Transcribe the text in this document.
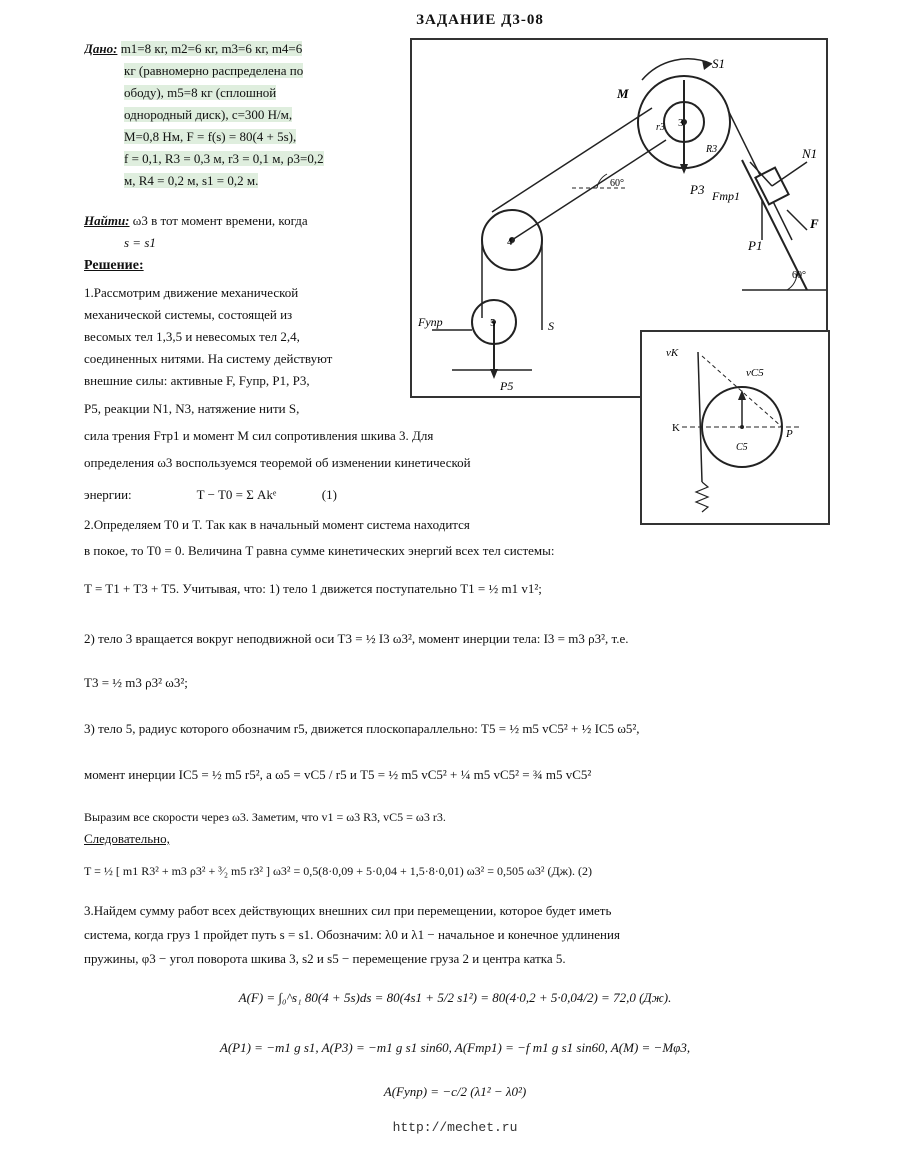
ЗАДАНИЕ Д3-08
Дано: m1=8 кг, m2=6 кг, m3=6 кг, m4=6
кг (равномерно распределена по
ободу), m5=8 кг (сплошной
однородный диск), c=300 Н/м,
M=0,8 Нм, F = f(s) = 80(4 + 5s),
f = 0,1, R3 = 0,3 м, r3 = 0,1 м, ρ3=0,2
м, R4 = 0,2 м, s1 = 0,2 м.
Найти: ω3 в тот момент времени, когда
s = s1
Решение:
1.Рассмотрим движение механической
механической системы, состоящей из
весомых тел 1,3,5 и невесомых тел 2,4,
соединенных нитями. На систему действуют
внешние силы: активные F, Fупр, P1, P3,
P5, реакции N1, N3, натяжение нити S,
сила трения Fтр1 и момент M сил сопротивления шкива 3. Для
определения ω3 воспользуемся теоремой об изменении кинетической
энергии:                    T − T0 = Σ Akᵉ              (1)
2.Определяем T0 и T. Так как в начальный момент система находится
в покое, то T0 = 0. Величина T равна сумме кинетических энергий всех тел системы:
T = T1 + T3 + T5. Учитывая, что: 1) тело 1 движется поступательно T1 = ½ m1 v1²;
2) тело 3 вращается вокруг неподвижной оси T3 = ½ I3 ω3², момент инерции тела: I3 = m3 ρ3², т.е.
T3 = ½ m3 ρ3² ω3²;
3) тело 5, радиус которого обозначим r5, движется плоскопараллельно: T5 = ½ m5 vC5² + ½ IC5 ω5²,
момент инерции IC5 = ½ m5 r5², а ω5 = vC5 / r5 и T5 = ½ m5 vC5² + ¼ m5 vC5² = ¾ m5 vC5²
Выразим все скорости через ω3. Заметим, что v1 = ω3 R3, vC5 = ω3 r3.
Следовательно,
T = ½ [ m1 R3² + m3 ρ3² + ³⁄₂ m5 r3² ] ω3² = 0,5(8·0,09 + 5·0,04 + 1,5·8·0,01) ω3² = 0,505 ω3² (Дж). (2)
3.Найдем сумму работ всех действующих внешних сил при перемещении, которое будет иметь
система, когда груз 1 пройдет путь s = s1. Обозначим: λ0 и λ1 − начальное и конечное удлинения
пружины, φ3 − угол поворота шкива 3, s2 и s5 − перемещение груза 2 и центра катка 5.
A(F) = ∫₀^s₁ 80(4 + 5s)ds = 80(4s1 + 5/2 s1²) = 80(4·0,2 + 5·0,04/2) = 72,0 (Дж).
A(P1) = −m1 g s1, A(P3) = −m1 g s1 sin60, A(Fтр1) = −f m1 g s1 sin60, A(M) = −Mφ3,
A(Fупр) = −c/2 (λ1² − λ0²)
http://mechet.ru
M
S1
3
r3
R3
P3
60°
4
F
Fтр1
P1
N1
60°
5
Fупр
P5
S
vK
vC5
K
C5
P
